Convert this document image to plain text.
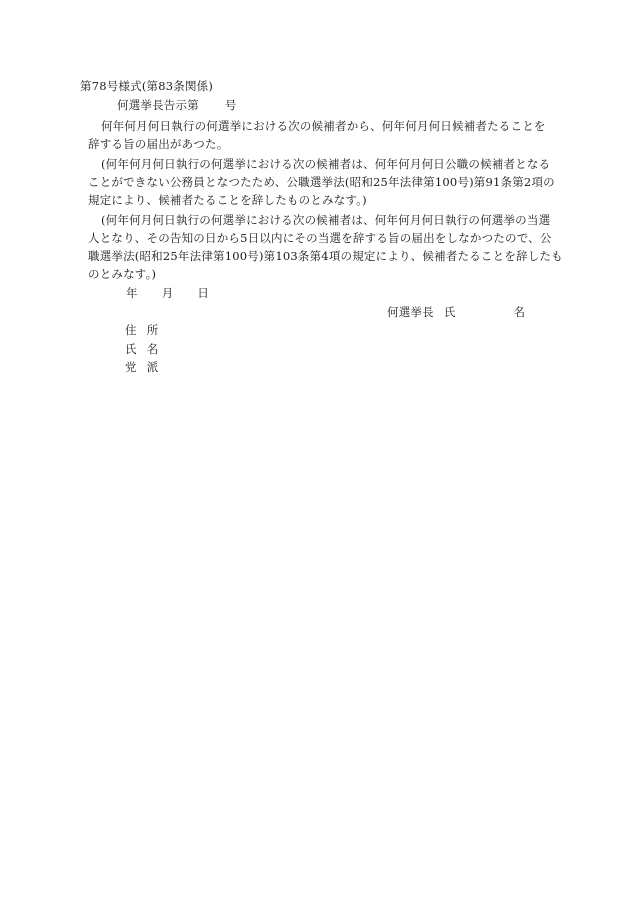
第78号様式(第83条関係)
何選挙長告示第 号
何年何月何日執行の何選挙における次の候補者から、何年何月何日候補者たることを
辞する旨の届出があつた。
(何年何月何日執行の何選挙における次の候補者は、何年何月何日公職の候補者となる
ことができない公務員となつたため、公職選挙法(昭和25年法律第100号)第91条第2項の
規定により、候補者たることを辞したものとみなす。)
(何年何月何日執行の何選挙における次の候補者は、何年何月何日執行の何選挙の当選
人となり、その告知の日から5日以内にその当選を辞する旨の届出をしなかつたので、公
職選挙法(昭和25年法律第100号)第103条第4項の規定により、候補者たることを辞したも
のとみなす。)
年 月 日
何選挙長 氏	名
住 所
氏 名
党 派
